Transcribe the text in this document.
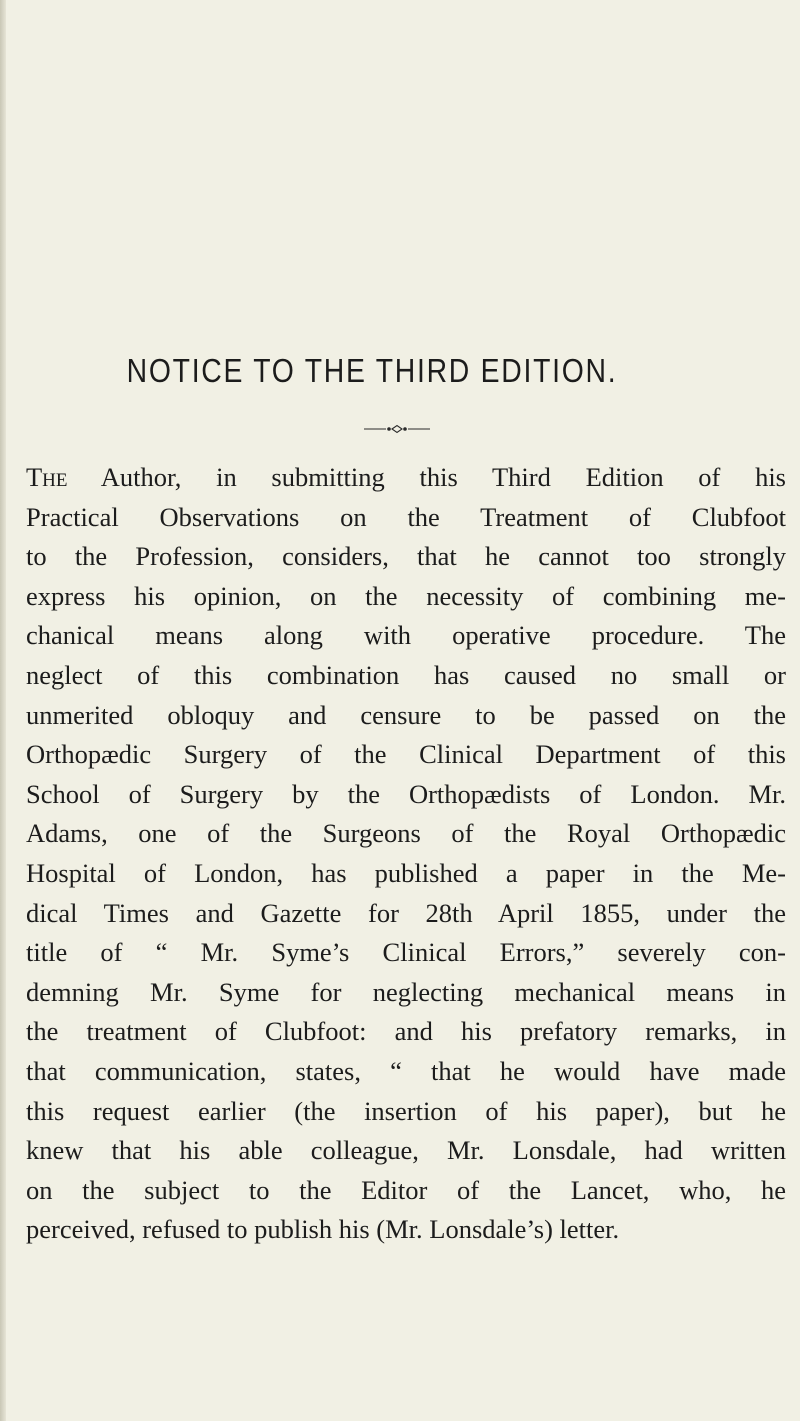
NOTICE TO THE THIRD EDITION.
The Author, in submitting this Third Edition of his
Practical Observations on the Treatment of Clubfoot
to the Profession, considers, that he cannot too strongly
express his opinion, on the necessity of combining me-
chanical means along with operative procedure. The
neglect of this combination has caused no small or
unmerited obloquy and censure to be passed on the
Orthopædic Surgery of the Clinical Department of this
School of Surgery by the Orthopædists of London. Mr.
Adams, one of the Surgeons of the Royal Orthopædic
Hospital of London, has published a paper in the Me-
dical Times and Gazette for 28th April 1855, under the
title of “ Mr. Syme’s Clinical Errors,” severely con-
demning Mr. Syme for neglecting mechanical means in
the treatment of Clubfoot: and his prefatory remarks, in
that communication, states, “ that he would have made
this request earlier (the insertion of his paper), but he
knew that his able colleague, Mr. Lonsdale, had written
on the subject to the Editor of the Lancet, who, he
perceived, refused to publish his (Mr. Lonsdale’s) letter.
